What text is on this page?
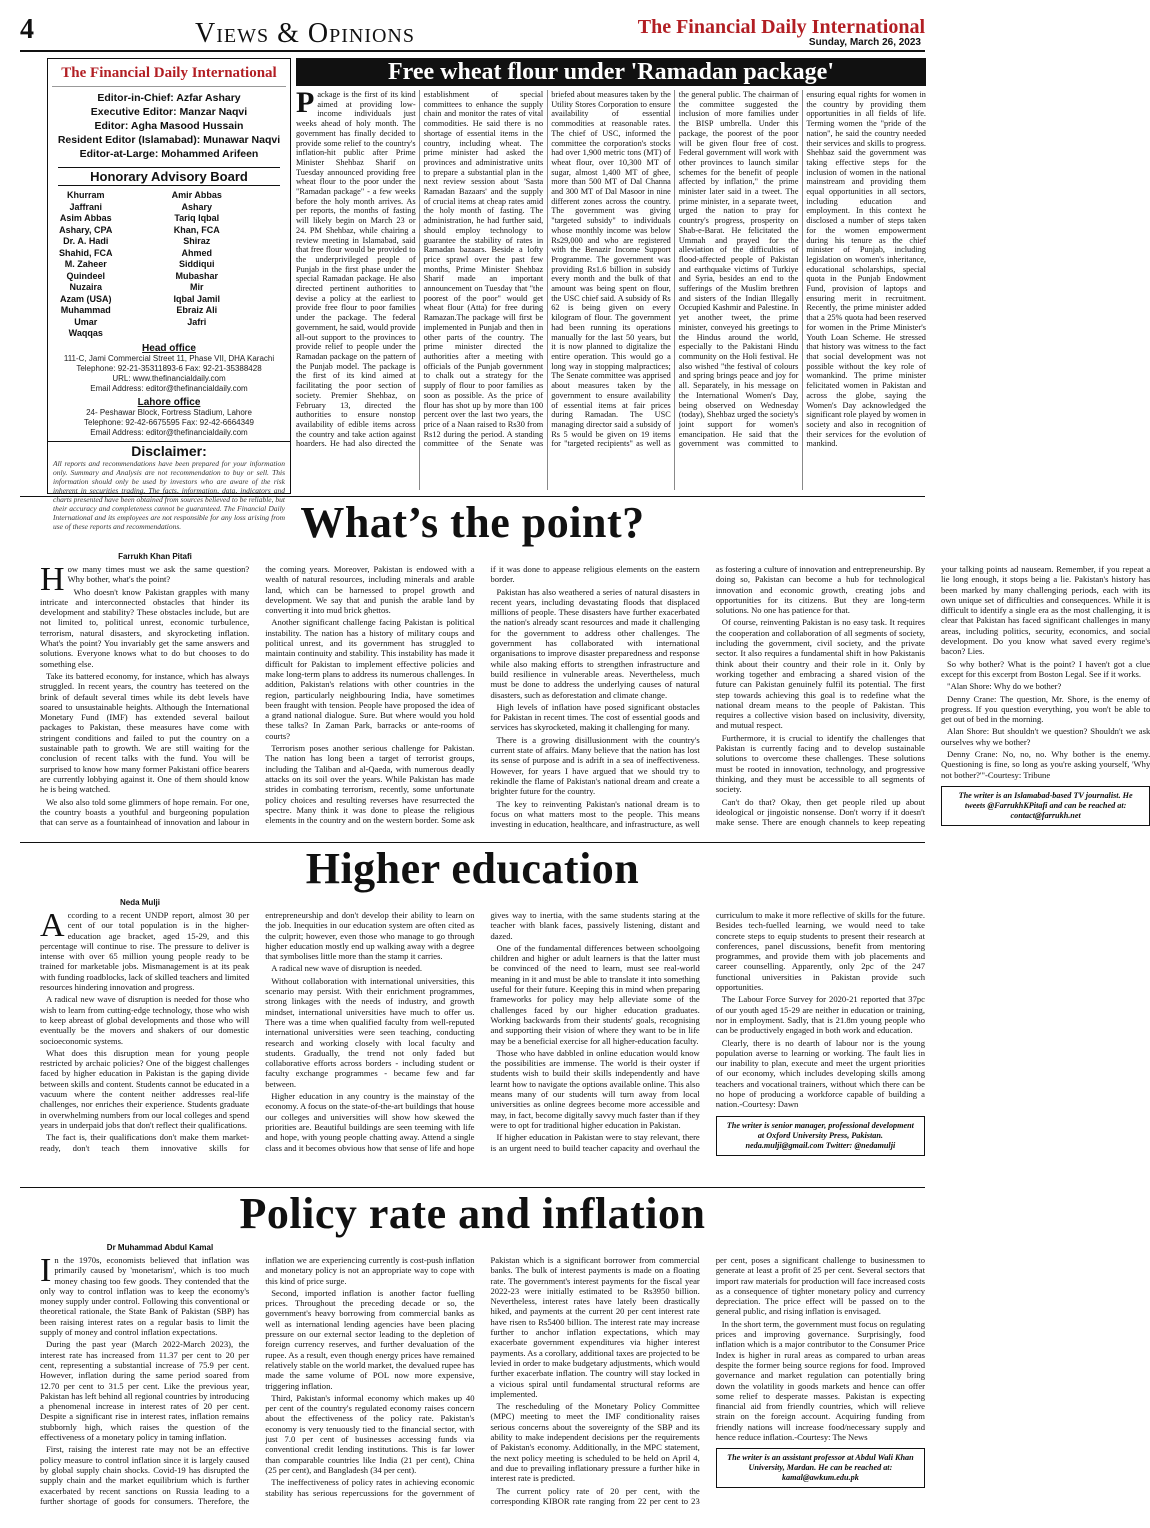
4	Views & Opinions	The Financial Daily International
Sunday, March 26, 2023
The Financial Daily International
Editor-in-Chief: Azfar Ashary
Executive Editor: Manzar Naqvi
Editor: Agha Masood Hussain
Resident Editor (Islamabad): Munawar Naqvi
Editor-at-Large: Mohammed Arifeen
Honorary Advisory Board
Khurram Jaffrani
Asim Abbas Ashary, CPA
Dr. A. Hadi Shahid, FCA
M. Zaheer Quindeel
Nuzaira Azam (USA)
Muhammad Umar Waqqas
Amir Abbas Ashary
Tariq Iqbal Khan, FCA
Shiraz Ahmed Siddiqui
Mubashar Mir
Iqbal Jamil
Ebraiz Ali Jafri
Head office
111-C, Jami Commercial Street 11, Phase VII, DHA Karachi
Telephone: 92-21-35311893-6 Fax: 92-21-35388428
URL: www.thefinancialdaily.com
Email Address: editor@thefinancialdaily.com
Lahore office
24- Peshawar Block, Fortress Stadium, Lahore
Telephone: 92-42-6675595 Fax: 92-42-6664349
Email Address: editor@thefinancialdaily.com
Disclaimer:
All reports and recommendations have been prepared for your information only. Summary and Analysis are not recommendation to buy or sell. This information should only be used by investors who are aware of the risk inherent in securities trading. The facts, information, data, indicators and charts presented have been obtained from sources believed to be reliable, but their accuracy and completeness cannot be guaranteed. The Financial Daily International and its employees are not responsible for any loss arising from use of these reports and recommendations.
Free wheat flour under 'Ramadan package'
Package is the first of its kind aimed at providing low-income individuals just weeks ahead of holy month. The government has finally decided to provide some relief to the country's inflation-hit public after Prime Minister Shehbaz Sharif on Tuesday announced providing free wheat flour to the poor under the "Ramadan package" - a few weeks before the holy month arrives. As per reports, the months of fasting will likely begin on March 23 or 24. PM Shehbaz, while chairing a review meeting in Islamabad, said that free flour would be provided to the underprivileged people of Punjab in the first phase under the special Ramadan package. He also directed pertinent authorities to devise a policy at the earliest to provide free flour to poor families under the package. The federal government, he said, would provide all-out support to the provinces to provide relief to people under the Ramadan package on the pattern of the Punjab model. The package is the first of its kind aimed at facilitating the poor section of society. Premier Shehbaz, on February 13, directed the authorities to ensure nonstop availability of edible items across the country and take action against hoarders. He had also directed the establishment of special committees to enhance the supply chain and monitor the rates of vital commodities. He said there is no shortage of essential items in the country, including wheat. The prime minister had asked the provinces and administrative units to prepare a substantial plan in the next review session about 'Sasta Ramadan Bazaars' and the supply of crucial items at cheap rates amid the holy month of fasting. The administration, he had further said, should employ technology to guarantee the stability of rates in Ramadan bazaars. Beside a lofty price sprawl over the past few months, Prime Minister Shehbaz Sharif made an important announcement on Tuesday that "the poorest of the poor" would get wheat flour (Atta) for free during Ramazan.The package will first be implemented in Punjab and then in other parts of the country. The prime minister directed the authorities after a meeting with officials of the Punjab government to chalk out a strategy for the supply of flour to poor families as soon as possible. As the price of flour has shot up by more than 100 percent over the last two years, the price of a Naan raised to Rs30 from Rs12 during the period. A standing committee of the Senate was briefed about measures taken by the Utility Stores Corporation to ensure availability of essential commodities at reasonable rates. The chief of USC, informed the committee the corporation's stocks had over 1,900 metric tons (MT) of wheat flour, over 10,300 MT of sugar, almost 1,400 MT of ghee, more than 500 MT of Dal Channa and 300 MT of Dal Masoor in nine different zones across the country. The government was giving "targeted subsidy" to individuals whose monthly income was below Rs29,000 and who are registered with the Benazir Income Support Programme. The government was providing Rs1.6 billion in subsidy every month and the bulk of that amount was being spent on flour, the USC chief said. A subsidy of Rs 62 is being given on every kilogram of flour. The government had been running its operations manually for the last 50 years, but it is now planned to digitalize the entire operation. This would go a long way in stopping malpractices; The Senate committee was apprised about measures taken by the government to ensure availability of essential items at fair prices during Ramadan. The USC managing director said a subsidy of Rs 5 would be given on 19 items for "targeted recipients" as well as the general public. The chairman of the committee suggested the inclusion of more families under the BISP umbrella. Under this package, the poorest of the poor will be given flour free of cost. Federal government will work with other provinces to launch similar schemes for the benefit of people affected by inflation," the prime minister later said in a tweet. The prime minister, in a separate tweet, urged the nation to pray for country's progress, prosperity on Shab-e-Barat. He felicitated the Ummah and prayed for the alleviation of the difficulties of flood-affected people of Pakistan and earthquake victims of Turkiye and Syria, besides an end to the sufferings of the Muslim brethren and sisters of the Indian Illegally Occupied Kashmir and Palestine. In yet another tweet, the prime minister, conveyed his greetings to the Hindus around the world, especially to the Pakistani Hindu community on the Holi festival. He also wished "the festival of colours and spring brings peace and joy for all. Separately, in his message on the International Women's Day, being observed on Wednesday (today), Shehbaz urged the society's joint support for women's emancipation. He said that the government was committed to ensuring equal rights for women in the country by providing them opportunities in all fields of life. Terming women the "pride of the nation", he said the country needed their services and skills to progress. Shehbaz said the government was taking effective steps for the inclusion of women in the national mainstream and providing them equal opportunities in all sectors, including education and employment. In this context he disclosed a number of steps taken for the women empowerment during his tenure as the chief minister of Punjab, including legislation on women's inheritance, educational scholarships, special quota in the Punjab Endowment Fund, provision of laptops and ensuring merit in recruitment. Recently, the prime minister added that a 25% quota had been reserved for women in the Prime Minister's Youth Loan Scheme. He stressed that history was witness to the fact that social development was not possible without the key role of womankind. The prime minister felicitated women in Pakistan and across the globe, saying the Women's Day acknowledged the significant role played by women in society and also in recognition of their services for the evolution of mankind.
What’s the point?
Farrukh Khan Pitafi

How many times must we ask the same question? Why bother, what's the point?

Who doesn't know Pakistan grapples with many intricate and interconnected obstacles that hinder its development and stability? These obstacles include, but are not limited to, political unrest, economic turbulence, terrorism, natural disasters, and skyrocketing inflation. What's the point? You invariably get the same answers and solutions. Everyone knows what to do but chooses to do something else.

Take its battered economy, for instance, which has always struggled. In recent years, the country has teetered on the brink of default several times while its debt levels have soared to unsustainable heights. Although the International Monetary Fund (IMF) has extended several bailout packages to Pakistan, these measures have come with stringent conditions and failed to put the country on a sustainable path to growth. We are still waiting for the conclusion of recent talks with the fund. You will be surprised to know how many former Pakistani office bearers are currently lobbying against it. One of them should know he is being watched.

We also also told some glimmers of hope remain. For one, the country boasts a youthful and burgeoning population that can serve as a fountainhead of innovation and labour in the coming years. Moreover, Pakistan is endowed with a wealth of natural resources, including minerals and arable land, which can be harnessed to propel growth and development. We say that and punish the arable land by converting it into mud brick ghettos.

Another significant challenge facing Pakistan is political instability. The nation has a history of military coups and political unrest, and its government has struggled to maintain continuity and stability. This instability has made it difficult for Pakistan to implement effective policies and make long-term plans to address its numerous challenges. In addition, Pakistan's relations with other countries in the region, particularly neighbouring India, have sometimes been fraught with tension. People have proposed the idea of a grand national dialogue. Sure. But where would you hold these talks? In Zaman Park, barracks or ante-rooms of courts?

Terrorism poses another serious challenge for Pakistan. The nation has long been a target of terrorist groups, including the Taliban and al-Qaeda, with numerous deadly attacks on its soil over the years. While Pakistan has made strides in combating terrorism, recently, some unfortunate policy choices and resulting reverses have resurrected the spectre. Many think it was done to please the religious elements in the country and on the western border. Some ask if it was done to appease religious elements on the eastern border.

Pakistan has also weathered a series of natural disasters in recent years, including devastating floods that displaced millions of people. These disasters have further exacerbated the nation's already scant resources and made it challenging for the government to address other challenges. The government has collaborated with international organisations to improve disaster preparedness and response while also making efforts to strengthen infrastructure and build resilience in vulnerable areas. Nevertheless, much must be done to address the underlying causes of natural disasters, such as deforestation and climate change.

High levels of inflation have posed significant obstacles for Pakistan in recent times. The cost of essential goods and services has skyrocketed, making it challenging for many.

There is a growing disillusionment with the country's current state of affairs. Many believe that the nation has lost its sense of purpose and is adrift in a sea of ineffectiveness. However, for years I have argued that we should try to rekindle the flame of Pakistan's national dream and create a brighter future for the country.

The key to reinventing Pakistan's national dream is to focus on what matters most to the people. This means investing in education, healthcare, and infrastructure, as well as fostering a culture of innovation and entrepreneurship. By doing so, Pakistan can become a hub for technological innovation and economic growth, creating jobs and opportunities for its citizens. But they are long-term solutions. No one has patience for that.

Of course, reinventing Pakistan is no easy task. It requires the cooperation and collaboration of all segments of society, including the government, civil society, and the private sector. It also requires a fundamental shift in how Pakistanis think about their country and their role in it. Only by working together and embracing a shared vision of the future can Pakistan genuinely fulfil its potential. The first step towards achieving this goal is to redefine what the national dream means to the people of Pakistan. This requires a collective vision based on inclusivity, diversity, and mutual respect.

Furthermore, it is crucial to identify the challenges that Pakistan is currently facing and to develop sustainable solutions to overcome these challenges. These solutions must be rooted in innovation, technology, and progressive thinking, and they must be accessible to all segments of society.

Can't do that? Okay, then get people riled up about ideological or jingoistic nonsense. Don't worry if it doesn't make sense. There are enough channels to keep repeating your talking points ad nauseam. Remember, if you repeat a lie long enough, it stops being a lie. Pakistan's history has been marked by many challenging periods, each with its own unique set of difficulties and consequences. While it is difficult to identify a single era as the most challenging, it is clear that Pakistan has faced significant challenges in many areas, including politics, security, economics, and social development. Do you know what saved every regime's bacon? Lies.

So why bother? What is the point? I haven't got a clue except for this excerpt from Boston Legal. See if it works.

"Alan Shore: Why do we bother?

Denny Crane: The question, Mr. Shore, is the enemy of progress. If you question everything, you won't be able to get out of bed in the morning.

Alan Shore: But shouldn't we question? Shouldn't we ask ourselves why we bother?

Denny Crane: No, no, no. Why bother is the enemy. Questioning is fine, so long as you're asking yourself, 'Why not bother?'"-Courtesy: Tribune

The writer is an Islamabad-based TV journalist. He tweets @FarrukhKPitafi and can be reached at: contact@farrukh.net
Higher education
Neda Mulji

According to a recent UNDP report, almost 30 per cent of our total population is in the higher-education age bracket, aged 15-29, and this percentage will continue to rise. The pressure to deliver is intense with over 65 million young people ready to be trained for marketable jobs. Mismanagement is at its peak with funding roadblocks, lack of skilled teachers and limited resources hindering innovation and progress.

A radical new wave of disruption is needed for those who wish to learn from cutting-edge technology, those who wish to keep abreast of global developments and those who will eventually be the movers and shakers of our domestic socioeconomic systems.

What does this disruption mean for young people restricted by archaic policies? One of the biggest challenges faced by higher education in Pakistan is the gaping divide between skills and content. Students cannot be educated in a vacuum where the content neither addresses real-life challenges, nor enriches their experience. Students graduate in overwhelming numbers from our local colleges and spend years in underpaid jobs that don't reflect their qualifications.

The fact is, their qualifications don't make them market-ready, don't teach them innovative skills for entrepreneurship and don't develop their ability to learn on the job. Inequities in our education system are often cited as the culprit; however, even those who manage to go through higher education mostly end up walking away with a degree that symbolises little more than the stamp it carries.

A radical new wave of disruption is needed.

Without collaboration with international universities, this scenario may persist. With their enrichment programmes, strong linkages with the needs of industry, and growth mindset, international universities have much to offer us. There was a time when qualified faculty from well-reputed international universities were seen teaching, conducting research and working closely with local faculty and students. Gradually, the trend not only faded but collaborative efforts across borders - including student or faculty exchange programmes - became few and far between.

Higher education in any country is the mainstay of the economy. A focus on the state-of-the-art buildings that house our colleges and universities will show how skewed the priorities are. Beautiful buildings are seen teeming with life and hope, with young people chatting away. Attend a single class and it becomes obvious how that sense of life and hope gives way to inertia, with the same students staring at the teacher with blank faces, passively listening, distant and dazed.

One of the fundamental differences between schoolgoing children and higher or adult learners is that the latter must be convinced of the need to learn, must see real-world meaning in it and must be able to translate it into something useful for their future. Keeping this in mind when preparing frameworks for policy may help alleviate some of the challenges faced by our higher education graduates. Working backwards from their students' goals, recognising and supporting their vision of where they want to be in life may be a beneficial exercise for all higher-education faculty.

Those who have dabbled in online education would know the possibilities are immense. The world is their oyster if students wish to build their skills independently and have learnt how to navigate the options available online. This also means many of our students will turn away from local universities as online degrees become more accessible and may, in fact, become digitally savvy much faster than if they were to opt for traditional higher education in Pakistan.

If higher education in Pakistan were to stay relevant, there is an urgent need to build teacher capacity and overhaul the curriculum to make it more reflective of skills for the future. Besides tech-fuelled learning, we would need to take concrete steps to equip students to present their research at conferences, panel discussions, benefit from mentoring programmes, and provide them with job placements and career counselling. Apparently, only 2pc of the 247 functional universities in Pakistan provide such opportunities.

The Labour Force Survey for 2020-21 reported that 37pc of our youth aged 15-29 are neither in education or training, nor in employment. Sadly, that is 21.8m young people who can be productively engaged in both work and education.

Clearly, there is no dearth of labour nor is the young population averse to learning or working. The fault lies in our inability to plan, execute and meet the urgent priorities of our economy, which includes developing skills among teachers and vocational trainers, without which there can be no hope of producing a workforce capable of building a nation.-Courtesy: Dawn

The writer is senior manager, professional development at Oxford University Press, Pakistan. neda.mulji@gmail.com Twitter: @nedamulji
Policy rate and inflation
Dr Muhammad Abdul Kamal

In the 1970s, economists believed that inflation was primarily caused by 'monetarism', which is too much money chasing too few goods. They contended that the only way to control inflation was to keep the economy's money supply under control. Following this conventional or theoretical rationale, the State Bank of Pakistan (SBP) has been raising interest rates on a regular basis to limit the supply of money and control inflation expectations.

During the past year (March 2022-March 2023), the interest rate has increased from 11.37 per cent to 20 per cent, representing a substantial increase of 75.9 per cent. However, inflation during the same period soared from 12.70 per cent to 31.5 per cent. Like the previous year, Pakistan has left behind all regional countries by introducing a phenomenal increase in interest rates of 20 per cent. Despite a significant rise in interest rates, inflation remains stubbornly high, which raises the question of the effectiveness of a monetary policy in taming inflation.

First, raising the interest rate may not be an effective policy measure to control inflation since it is largely caused by global supply chain shocks. Covid-19 has disrupted the supply chain and the market equilibrium which is further exacerbated by recent sanctions on Russia leading to a further shortage of goods for consumers. Therefore, the inflation we are experiencing currently is cost-push inflation and monetary policy is not an appropriate way to cope with this kind of price surge.

Second, imported inflation is another factor fuelling prices. Throughout the preceding decade or so, the government's heavy borrowing from commercial banks as well as international lending agencies have been placing pressure on our external sector leading to the depletion of foreign currency reserves, and further devaluation of the rupee. As a result, even though energy prices have remained relatively stable on the world market, the devalued rupee has made the same volume of POL now more expensive, triggering inflation.

Third, Pakistan's informal economy which makes up 40 per cent of the country's regulated economy raises concern about the effectiveness of the policy rate. Pakistan's economy is very tenuously tied to the financial sector, with just 7.0 per cent of businesses accessing funds via conventional credit lending institutions. This is far lower than comparable countries like India (21 per cent), China (25 per cent), and Bangladesh (34 per cent).

The ineffectiveness of policy rates in achieving economic stability has serious repercussions for the government of Pakistan which is a significant borrower from commercial banks. The bulk of interest payments is made on a floating rate. The government's interest payments for the fiscal year 2022-23 were initially estimated to be Rs3950 billion. Nevertheless, interest rates have lately been drastically hiked, and payments at the current 20 per cent interest rate have risen to Rs5400 billion. The interest rate may increase further to anchor inflation expectations, which may exacerbate government expenditures via higher interest payments. As a corollary, additional taxes are projected to be levied in order to make budgetary adjustments, which would further exacerbate inflation. The country will stay locked in a vicious spiral until fundamental structural reforms are implemented.

The rescheduling of the Monetary Policy Committee (MPC) meeting to meet the IMF conditionality raises serious concerns about the sovereignty of the SBP and its ability to make independent decisions per the requirements of Pakistan's economy. Additionally, in the MPC statement, the next policy meeting is scheduled to be held on April 4, and due to prevailing inflationary pressure a further hike in interest rate is predicted.

The current policy rate of 20 per cent, with the corresponding KIBOR rate ranging from 22 per cent to 23 per cent, poses a significant challenge to businessmen to generate at least a profit of 25 per cent. Several sectors that import raw materials for production will face increased costs as a consequence of tighter monetary policy and currency depreciation. The price effect will be passed on to the general public, and rising inflation is envisaged.

In the short term, the government must focus on regulating prices and improving governance. Surprisingly, food inflation which is a major contributor to the Consumer Price Index is higher in rural areas as compared to urban areas despite the former being source regions for food. Improved governance and market regulation can potentially bring down the volatility in goods markets and hence can offer some relief to desperate masses. Pakistan is expecting financial aid from friendly countries, which will relieve strain on the foreign account. Acquiring funding from friendly nations will increase food/necessary supply and hence reduce inflation.-Courtesy: The News

The writer is an assistant professor at Abdul Wali Khan University, Mardan. He can be reached at: kamal@awkum.edu.pk
